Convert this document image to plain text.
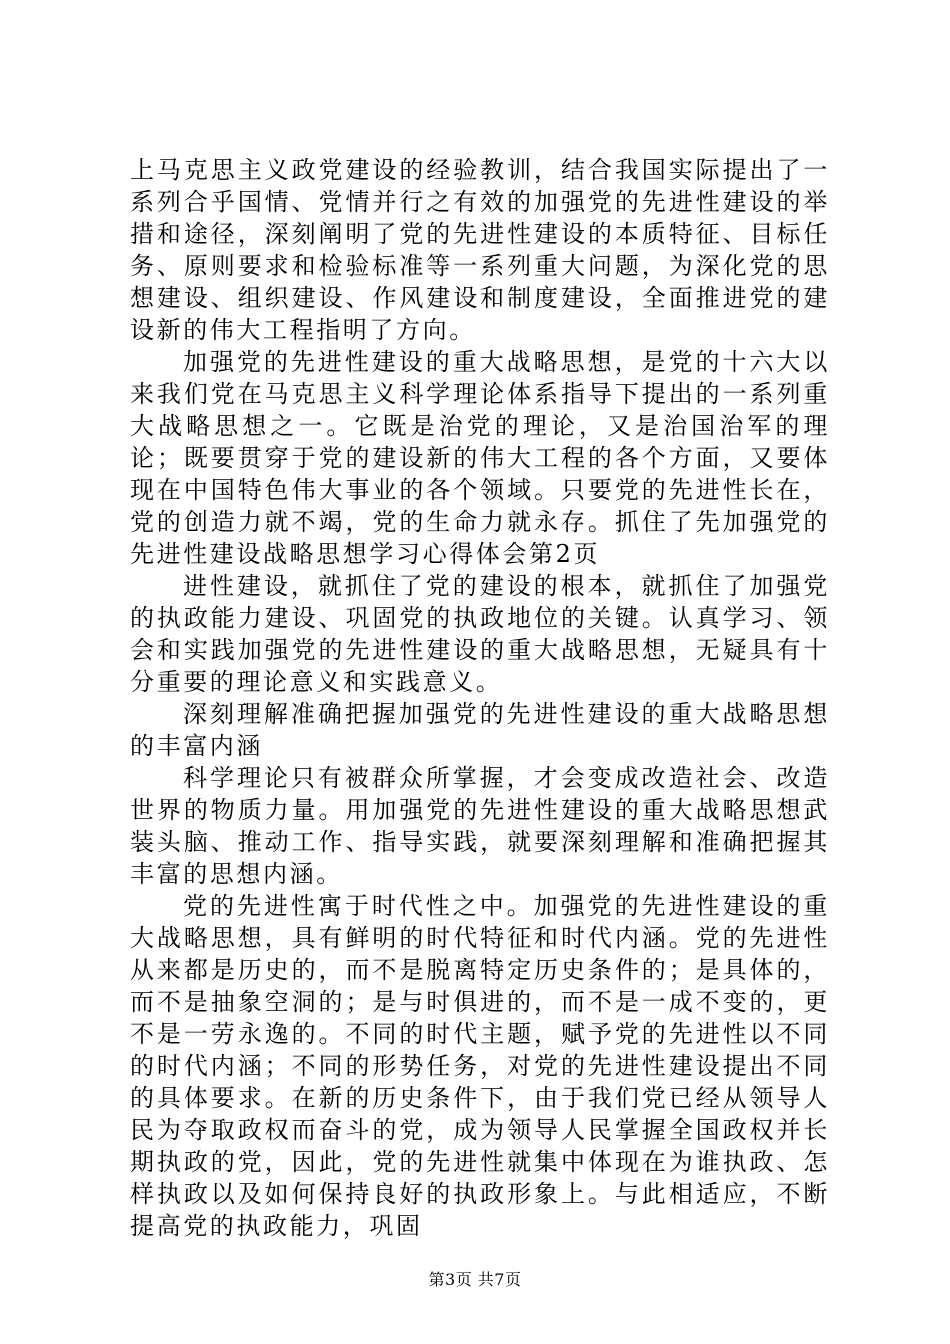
上马克思主义政党建设的经验教训，结合我国实际提出了一系列合乎国情、党情并行之有效的加强党的先进性建设的举措和途径，深刻阐明了党的先进性建设的本质特征、目标任务、原则要求和检验标准等一系列重大问题，为深化党的思想建设、组织建设、作风建设和制度建设，全面推进党的建设新的伟大工程指明了方向。

加强党的先进性建设的重大战略思想，是党的十六大以来我们党在马克思主义科学理论体系指导下提出的一系列重大战略思想之一。它既是治党的理论，又是治国治军的理论；既要贯穿于党的建设新的伟大工程的各个方面，又要体现在中国特色伟大事业的各个领域。只要党的先进性长在，党的创造力就不竭，党的生命力就永存。抓住了先加强党的先进性建设战略思想学习心得体会第2页

进性建设，就抓住了党的建设的根本，就抓住了加强党的执政能力建设、巩固党的执政地位的关键。认真学习、领会和实践加强党的先进性建设的重大战略思想，无疑具有十分重要的理论意义和实践意义。

深刻理解准确把握加强党的先进性建设的重大战略思想的丰富内涵

科学理论只有被群众所掌握，才会变成改造社会、改造世界的物质力量。用加强党的先进性建设的重大战略思想武装头脑、推动工作、指导实践，就要深刻理解和准确把握其丰富的思想内涵。

党的先进性寓于时代性之中。加强党的先进性建设的重大战略思想，具有鲜明的时代特征和时代内涵。党的先进性从来都是历史的，而不是脱离特定历史条件的；是具体的，而不是抽象空洞的；是与时俱进的，而不是一成不变的，更不是一劳永逸的。不同的时代主题，赋予党的先进性以不同的时代内涵；不同的形势任务，对党的先进性建设提出不同的具体要求。在新的历史条件下，由于我们党已经从领导人民为夺取政权而奋斗的党，成为领导人民掌握全国政权并长期执政的党，因此，党的先进性就集中体现在为谁执政、怎样执政以及如何保持良好的执政形象上。与此相适应，不断提高党的执政能力，巩固

第3页 共7页
